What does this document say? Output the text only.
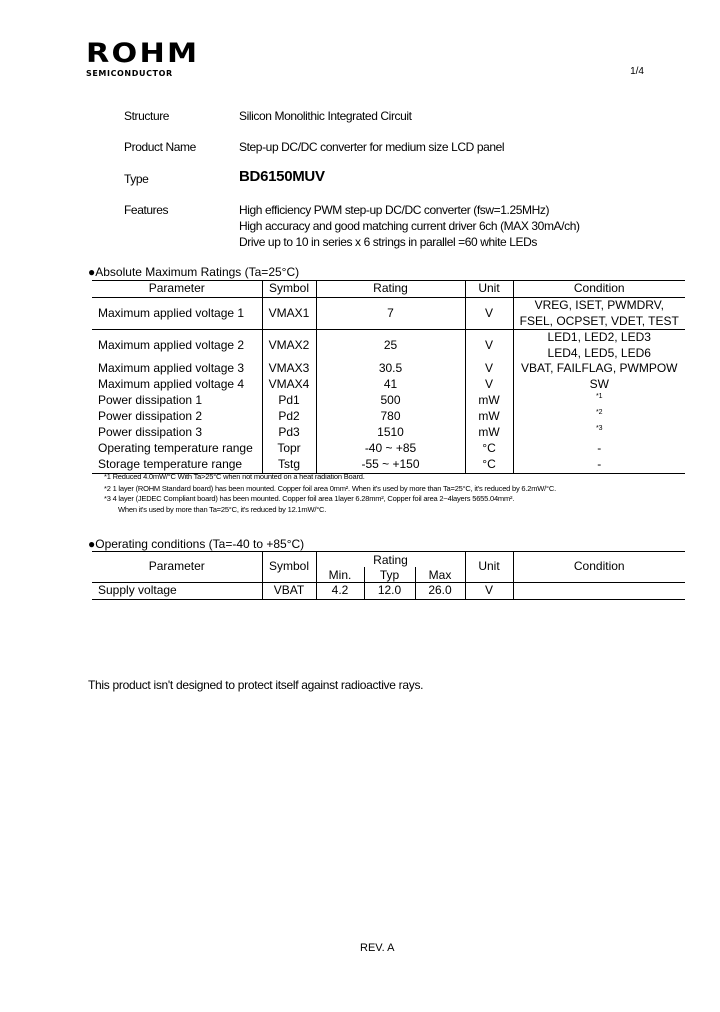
ROHM
SEMICONDUCTOR	1/4
Structure	Silicon Monolithic Integrated Circuit
Product Name	Step-up DC/DC converter for medium size LCD panel
Type	BD6150MUV
Features	High efficiency PWM step-up DC/DC converter (fsw=1.25MHz)
High accuracy and good matching current driver 6ch (MAX 30mA/ch)
Drive up to 10 in series x 6 strings in parallel =60 white LEDs
●Absolute Maximum Ratings (Ta=25°C)
Parameter	Symbol	Rating	Unit	Condition
Maximum applied voltage 1	VMAX1	7	V	VREG, ISET, PWMDRV,
FSEL, OCPSET, VDET, TEST

Maximum applied voltage 2	VMAX2	25	V	LED1, LED2, LED3
LED4, LED5, LED6

Maximum applied voltage 3	VMAX3	30.5	V	VBAT, FAILFLAG, PWMPOW
Maximum applied voltage 4	VMAX4	41	V	SW
Power dissipation 1	Pd1	500	mW	$^{*1}$
Power dissipation 2	Pd2	780	mW	$^{*2}$
Power dissipation 3	Pd3	1510	mW	$^{*3}$
Operating temperature range	Topr	-40 ~ +85	°C	-
Storage temperature range	Tstg	-55 ~ +150	°C	-
*1 Reduced 4.0mW/°C With Ta>25°C when not mounted on a heat radiation Board.
*2 1 layer (ROHM Standard board) has been mounted. Copper foil area 0mm². When it's used by more than Ta=25°C, it's reduced by 6.2mW/°C.
*3 4 layer (JEDEC Compliant board) has been mounted. Copper foil area 1layer 6.28mm², Copper foil area 2~4layers 5655.04mm².
When it's used by more than Ta=25°C, it's reduced by 12.1mW/°C.
●Operating conditions (Ta=-40 to +85°C)
Parameter	Symbol	Rating			Unit	Condition
		Min.	Typ	Max		
Supply voltage	VBAT	4.2	12.0	26.0	V	
This product isn't designed to protect itself against radioactive rays.
REV. A
